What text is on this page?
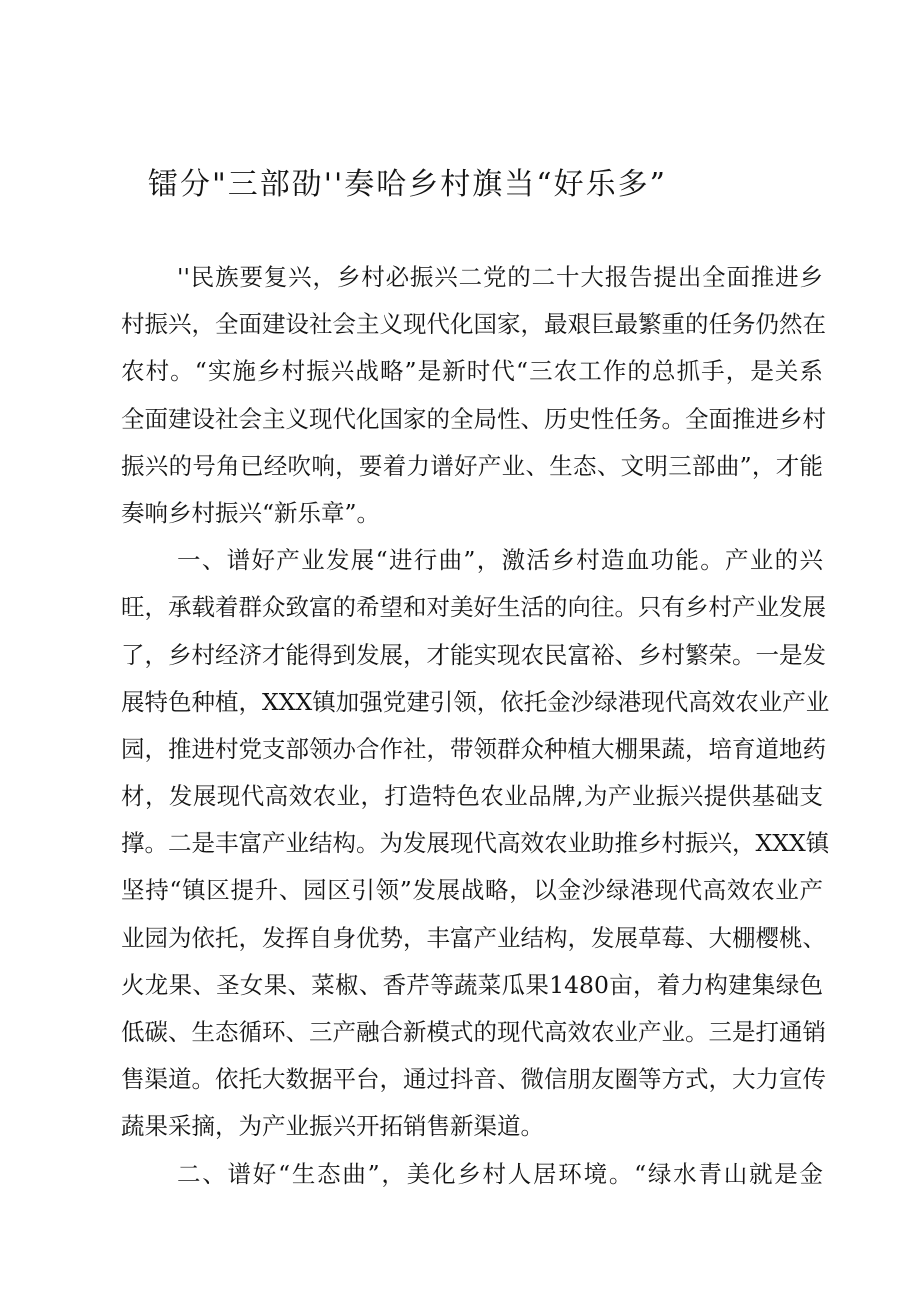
镭分"三部劭''奏哈乡村旗当“好乐多”
''民族要复兴，乡村必振兴二党的二十大报告提出全面推进乡
村振兴，全面建设社会主义现代化国家，最艰巨最繁重的任务仍然在
农村。“实施乡村振兴战略”是新时代“三农工作的总抓手，是关系
全面建设社会主义现代化国家的全局性、历史性任务。全面推进乡村
振兴的号角已经吹响，要着力谱好产业、生态、文明三部曲”，才能
奏响乡村振兴“新乐章”。
一、谱好产业发展“进行曲”，激活乡村造血功能。产业的兴
旺，承载着群众致富的希望和对美好生活的向往。只有乡村产业发展
了，乡村经济才能得到发展，才能实现农民富裕、乡村繁荣。一是发
展特色种植，XXX镇加强党建引领，依托金沙绿港现代高效农业产业
园，推进村党支部领办合作社，带领群众种植大棚果蔬，培育道地药
材，发展现代高效农业，打造特色农业品牌,为产业振兴提供基础支
撑。二是丰富产业结构。为发展现代高效农业助推乡村振兴，XXX镇
坚持“镇区提升、园区引领”发展战略，以金沙绿港现代高效农业产
业园为依托，发挥自身优势，丰富产业结构，发展草莓、大棚樱桃、
火龙果、圣女果、菜椒、香芹等蔬菜瓜果1480亩，着力构建集绿色
低碳、生态循环、三产融合新模式的现代高效农业产业。三是打通销
售渠道。依托大数据平台，通过抖音、微信朋友圈等方式，大力宣传
蔬果采摘，为产业振兴开拓销售新渠道。
二、谱好“生态曲”，美化乡村人居环境。“绿水青山就是金
